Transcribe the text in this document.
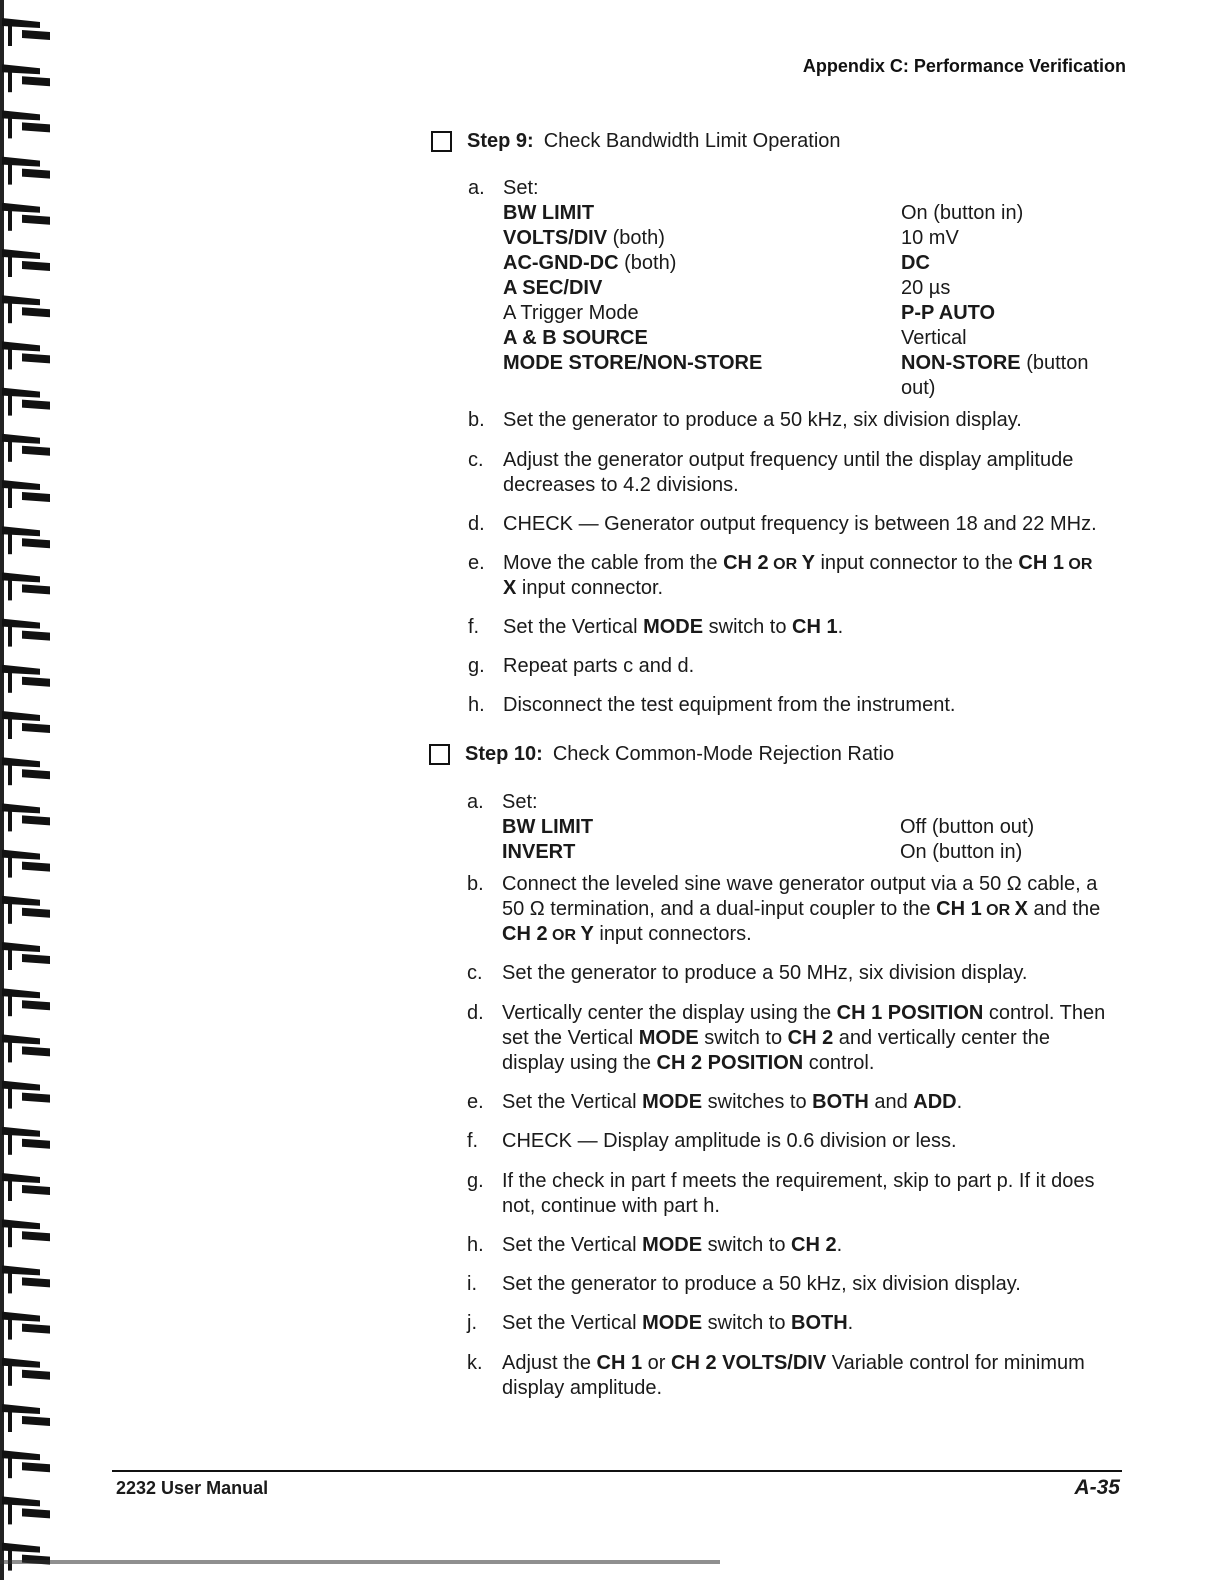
Appendix C: Performance Verification
Step 9: Check Bandwidth Limit Operation
a. Set:
BW LIMIT	On (button in)
VOLTS/DIV (both)	10 mV
AC-GND-DC (both)	DC
A SEC/DIV	20 µs
A Trigger Mode	P-P AUTO
A & B SOURCE	Vertical
MODE STORE/NON-STORE	NON-STORE (button
out)
b. Set the generator to produce a 50 kHz, six division display.
c. Adjust the generator output frequency until the display amplitude
decreases to 4.2 divisions.
d. CHECK — Generator output frequency is between 18 and 22 MHz.
e. Move the cable from the CH 2 OR Y input connector to the CH 1 OR
X input connector.
f. Set the Vertical MODE switch to CH 1.
g. Repeat parts c and d.
h. Disconnect the test equipment from the instrument.
Step 10: Check Common-Mode Rejection Ratio
a. Set:
BW LIMIT	Off (button out)
INVERT	On (button in)
b. Connect the leveled sine wave generator output via a 50 Ω cable, a
50 Ω termination, and a dual-input coupler to the CH 1 OR X and the
CH 2 OR Y input connectors.
c. Set the generator to produce a 50 MHz, six division display.
d. Vertically center the display using the CH 1 POSITION control. Then
set the Vertical MODE switch to CH 2 and vertically center the
display using the CH 2 POSITION control.
e. Set the Vertical MODE switches to BOTH and ADD.
f. CHECK — Display amplitude is 0.6 division or less.
g. If the check in part f meets the requirement, skip to part p. If it does
not, continue with part h.
h. Set the Vertical MODE switch to CH 2.
i. Set the generator to produce a 50 kHz, six division display.
j. Set the Vertical MODE switch to BOTH.
k. Adjust the CH 1 or CH 2 VOLTS/DIV Variable control for minimum
display amplitude.
2232 User Manual	A-35
